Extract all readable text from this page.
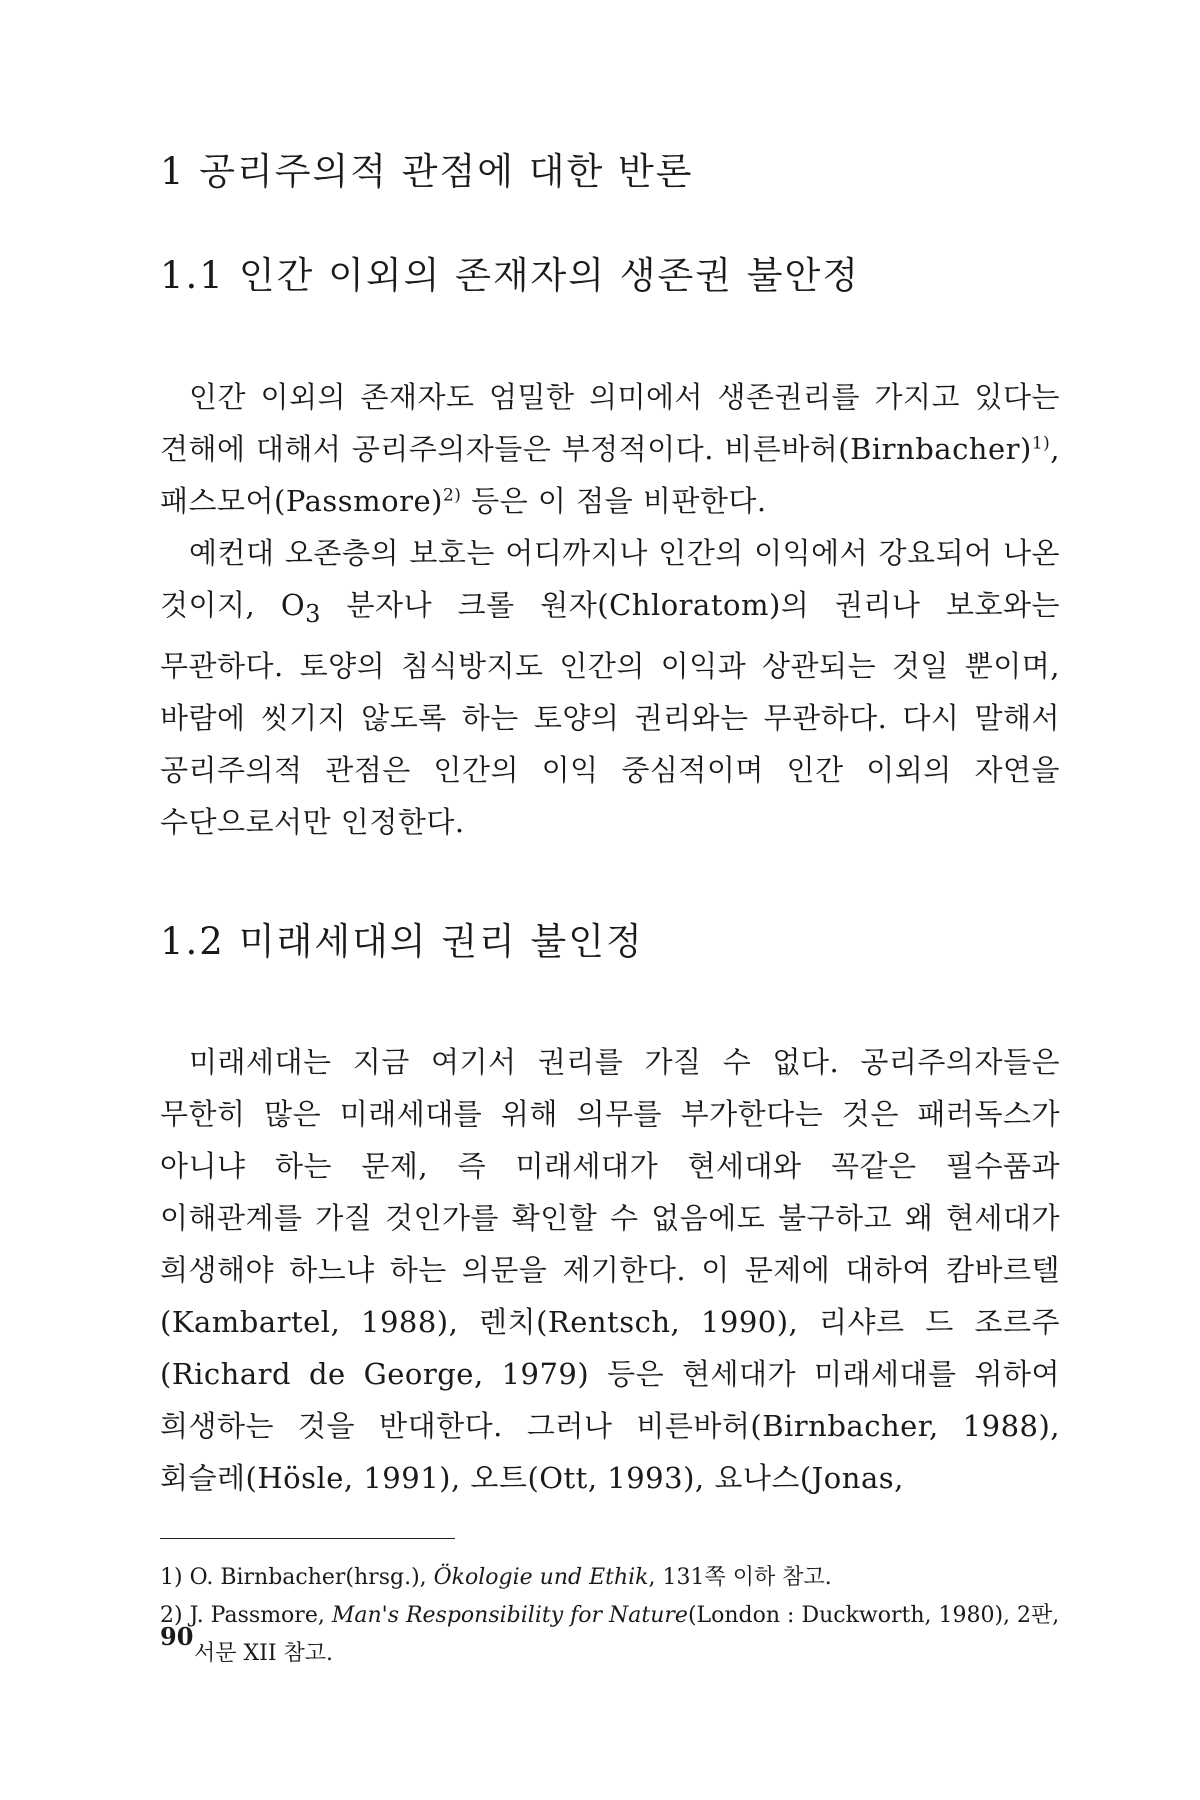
1 공리주의적 관점에 대한 반론
1.1 인간 이외의 존재자의 생존권 불안정

인간 이외의 존재자도 엄밀한 의미에서 생존권리를 가지고 있다는 견해에 대해서 공리주의자들은 부정적이다. 비른바허(Birnbacher)$^{1)}$, 패스모어(Passmore)$^{2)}$ 등은 이 점을 비판한다.

예컨대 오존층의 보호는 어디까지나 인간의 이익에서 강요되어 나온 것이지, $O_3$ 분자나 크롤 원자(Chloratom)의 권리나 보호와는 무관하다. 토양의 침식방지도 인간의 이익과 상관되는 것일 뿐이며, 바람에 씻기지 않도록 하는 토양의 권리와는 무관하다. 다시 말해서 공리주의적 관점은 인간의 이익 중심적이며 인간 이외의 자연을 수단으로서만 인정한다.

1.2 미래세대의 권리 불인정

미래세대는 지금 여기서 권리를 가질 수 없다. 공리주의자들은 무한히 많은 미래세대를 위해 의무를 부가한다는 것은 패러독스가 아니냐 하는 문제, 즉 미래세대가 현세대와 꼭같은 필수품과 이해관계를 가질 것인가를 확인할 수 없음에도 불구하고 왜 현세대가 희생해야 하느냐 하는 의문을 제기한다. 이 문제에 대하여 캄바르텔(Kambartel, 1988), 렌치(Rentsch, 1990), 리샤르 드 조르주(Richard de George, 1979) 등은 현세대가 미래세대를 위하여 희생하는 것을 반대한다. 그러나 비른바허(Birnbacher, 1988), 회슬레(Hösle, 1991), 오트(Ott, 1993), 요나스(Jonas,

1) O. Birnbacher(hrsg.), Ökologie und Ethik, 131쪽 이하 참고.

2) J. Passmore, Man's Responsibility for Nature(London : Duckworth, 1980), 2판, 서문 XII 참고.

90
